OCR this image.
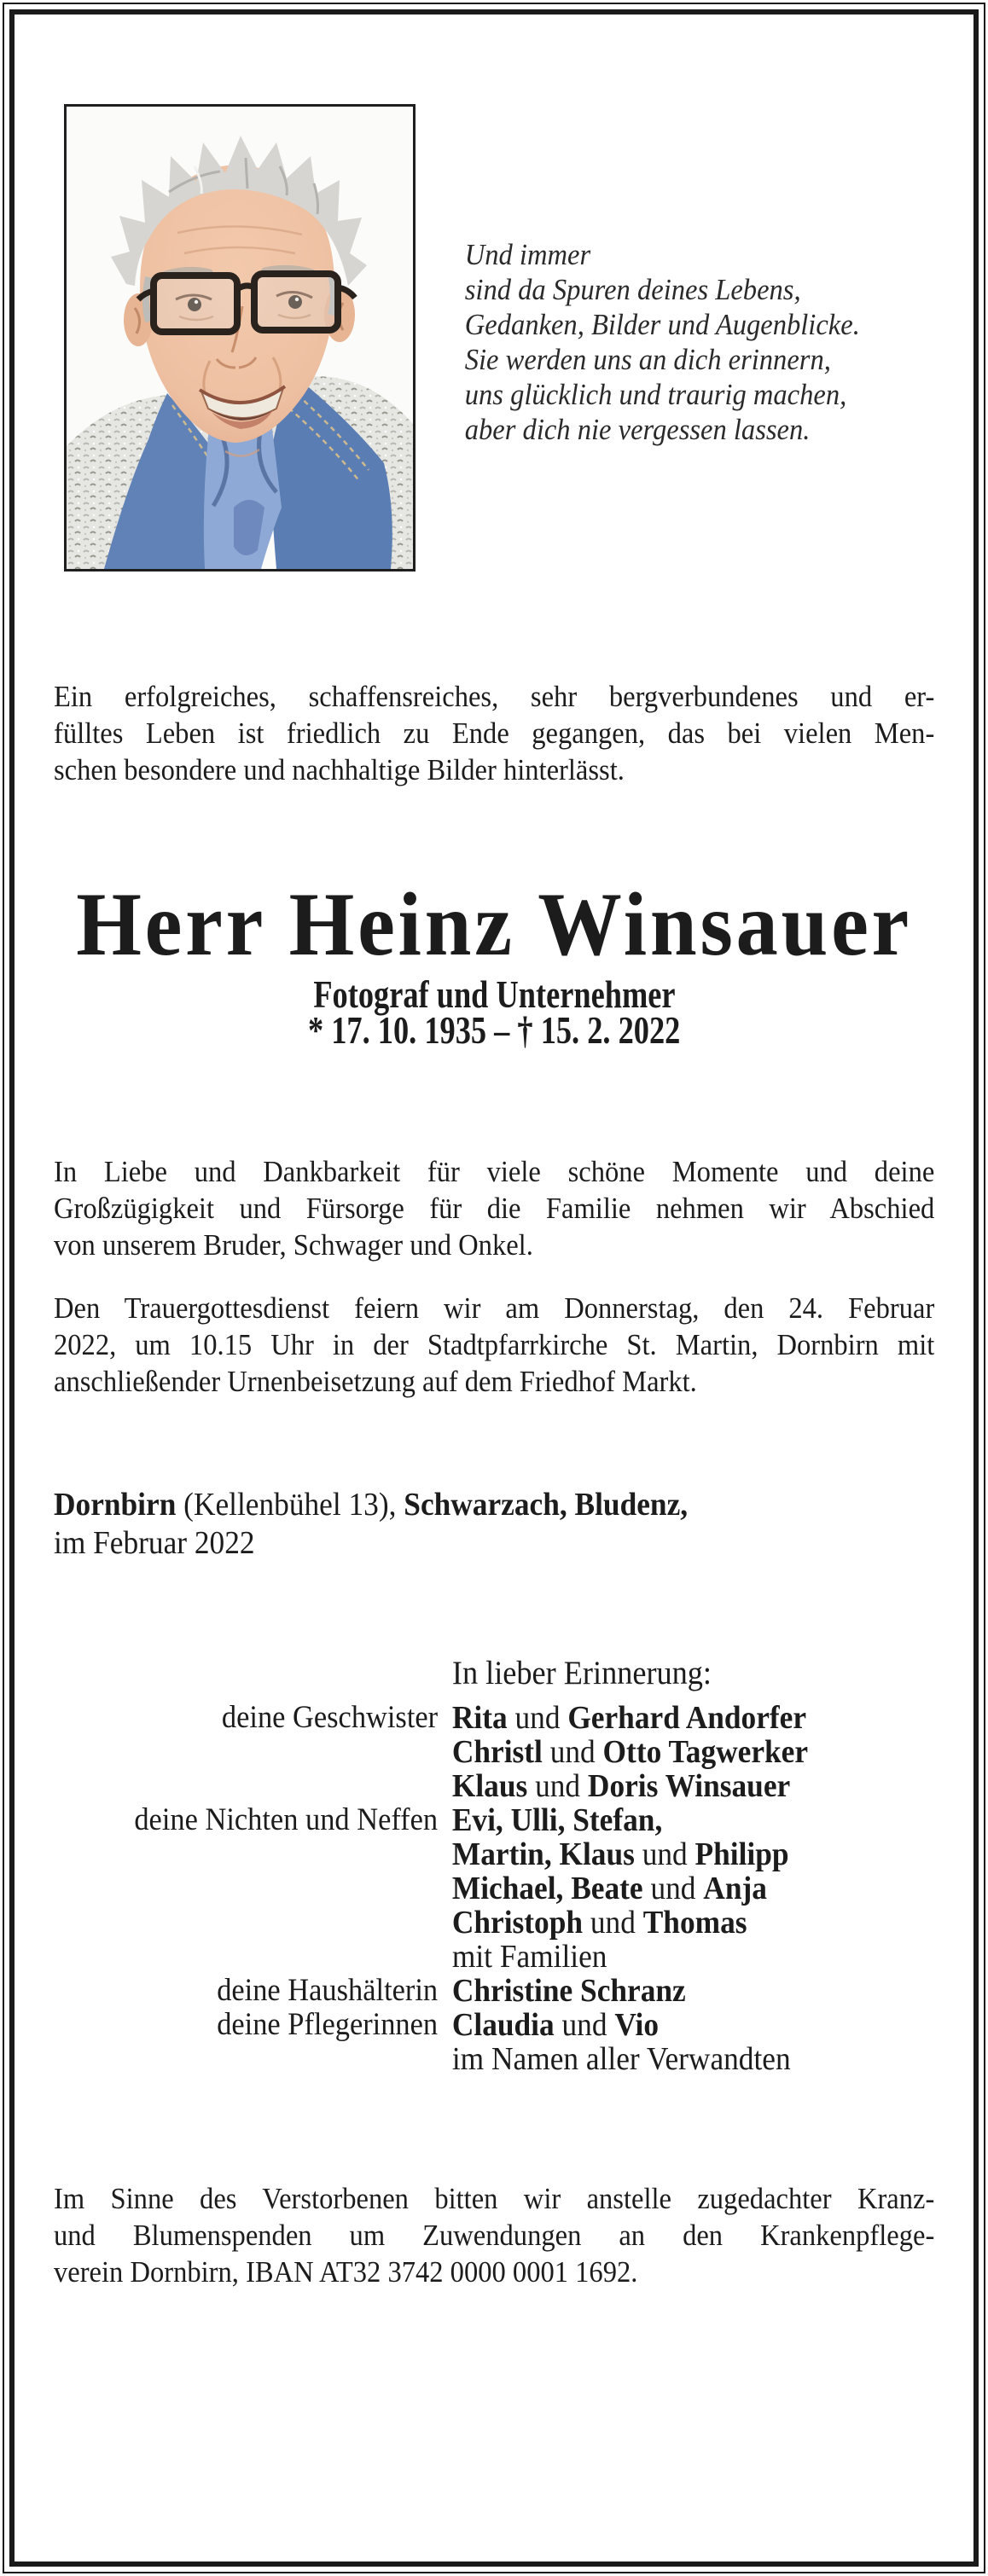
Und immer
sind da Spuren deines Lebens,
Gedanken, Bilder und Augenblicke.
Sie werden uns an dich erinnern,
uns glücklich und traurig machen,
aber dich nie vergessen lassen.
Ein erfolgreiches, schaffensreiches, sehr bergverbundenes und er-
fülltes Leben ist friedlich zu Ende gegangen, das bei vielen Men-
schen besondere und nachhaltige Bilder hinterlässt.
Herr Heinz Winsauer
Fotograf und Unternehmer
* 17. 10. 1935 – † 15. 2. 2022
In Liebe und Dankbarkeit für viele schöne Momente und deine
Großzügigkeit und Fürsorge für die Familie nehmen wir Abschied
von unserem Bruder, Schwager und Onkel.
Den Trauergottesdienst feiern wir am Donnerstag, den 24. Februar
2022, um 10.15 Uhr in der Stadtpfarrkirche St. Martin, Dornbirn mit
anschließender Urnenbeisetzung auf dem Friedhof Markt.
Dornbirn (Kellenbühel 13), Schwarzach, Bludenz,
im Februar 2022
In lieber Erinnerung:
deine Geschwister Rita und Gerhard Andorfer
Christl und Otto Tagwerker
Klaus und Doris Winsauer
deine Nichten und Neffen Evi, Ulli, Stefan,
Martin, Klaus und Philipp
Michael, Beate und Anja
Christoph und Thomas
mit Familien
deine Haushälterin Christine Schranz
deine Pflegerinnen Claudia und Vio
im Namen aller Verwandten
Im Sinne des Verstorbenen bitten wir anstelle zugedachter Kranz-
und Blumenspenden um Zuwendungen an den Krankenpflege-
verein Dornbirn, IBAN AT32 3742 0000 0001 1692.
